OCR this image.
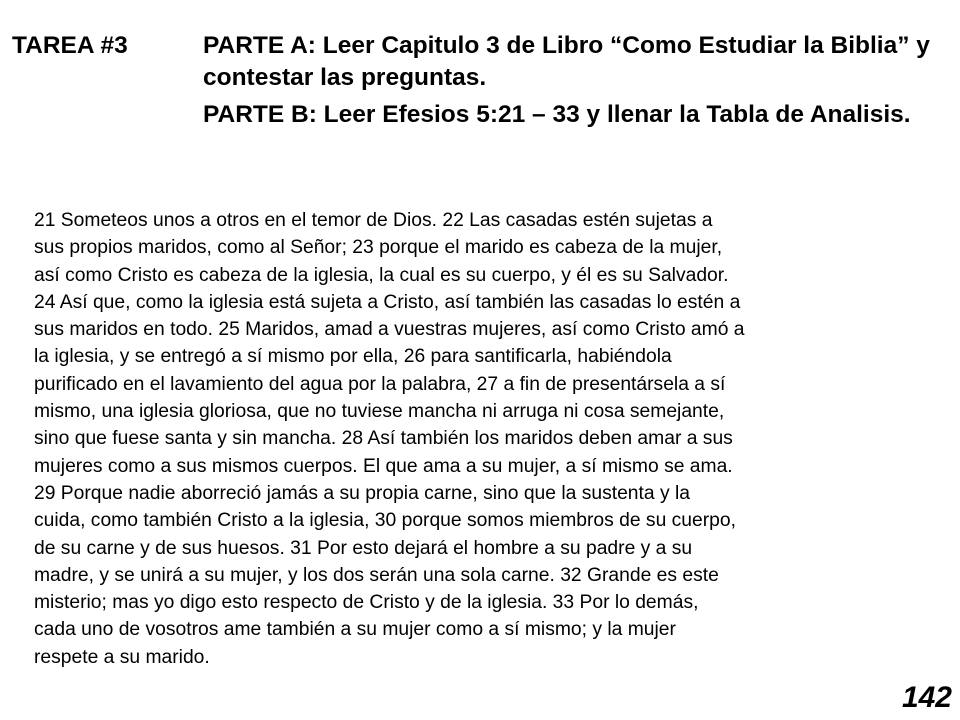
TAREA #3	PARTE A: Leer Capitulo 3 de Libro “Como Estudiar la Biblia” y contestar las preguntas.

PARTE B: Leer Efesios 5:21 – 33 y llenar la Tabla de Analisis.

21 Someteos unos a otros en el temor de Dios. 22 Las casadas estén sujetas a
sus propios maridos, como al Señor; 23 porque el marido es cabeza de la mujer,
así como Cristo es cabeza de la iglesia, la cual es su cuerpo, y él es su Salvador.
24 Así que, como la iglesia está sujeta a Cristo, así también las casadas lo estén a
sus maridos en todo. 25 Maridos, amad a vuestras mujeres, así como Cristo amó a
la iglesia, y se entregó a sí mismo por ella, 26 para santificarla, habiéndola
purificado en el lavamiento del agua por la palabra, 27 a fin de presentársela a sí
mismo, una iglesia gloriosa, que no tuviese mancha ni arruga ni cosa semejante,
sino que fuese santa y sin mancha. 28 Así también los maridos deben amar a sus
mujeres como a sus mismos cuerpos. El que ama a su mujer, a sí mismo se ama.
29 Porque nadie aborreció jamás a su propia carne, sino que la sustenta y la
cuida, como también Cristo a la iglesia, 30 porque somos miembros de su cuerpo,
de su carne y de sus huesos. 31 Por esto dejará el hombre a su padre y a su
madre, y se unirá a su mujer, y los dos serán una sola carne. 32 Grande es este
misterio; mas yo digo esto respecto de Cristo y de la iglesia. 33 Por lo demás,
cada uno de vosotros ame también a su mujer como a sí mismo; y la mujer
respete a su marido.
142
